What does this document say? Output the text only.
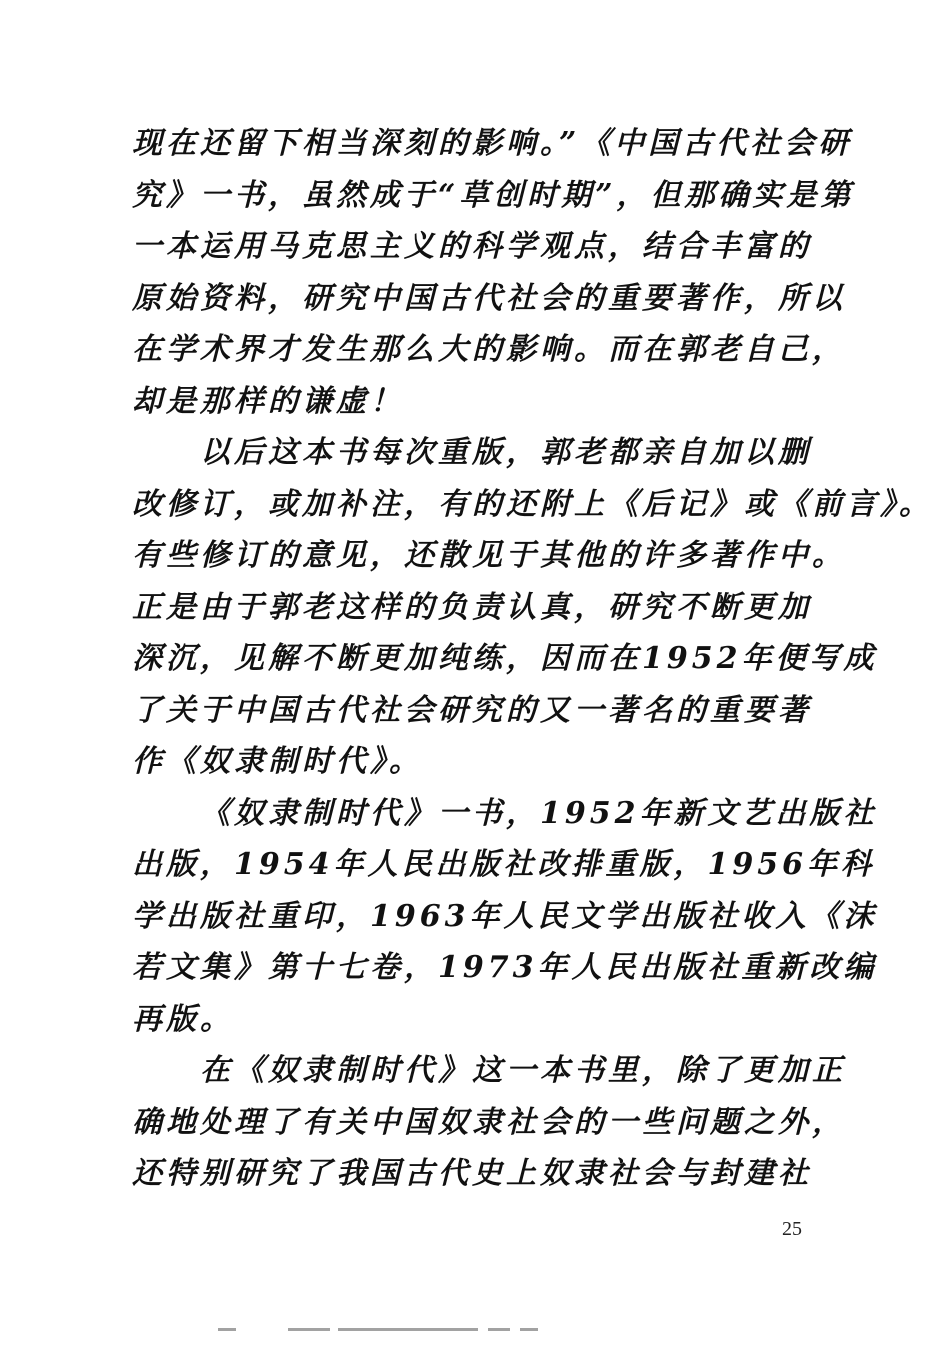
现在还留下相当深刻的影响。”《中国古代社会研
究》一书，虽然成于“草创时期”，但那确实是第
一本运用马克思主义的科学观点，结合丰富的
原始资料，研究中国古代社会的重要著作，所以
在学术界才发生那么大的影响。而在郭老自己，
却是那样的谦虚！
以后这本书每次重版，郭老都亲自加以删
改修订，或加补注，有的还附上《后记》或《前言》。
有些修订的意见，还散见于其他的许多著作中。
正是由于郭老这样的负责认真，研究不断更加
深沉，见解不断更加纯练，因而在1952年便写成
了关于中国古代社会研究的又一著名的重要著
作《奴隶制时代》。
《奴隶制时代》一书，1952年新文艺出版社
出版，1954年人民出版社改排重版，1956年科
学出版社重印，1963年人民文学出版社收入《沫
若文集》第十七卷，1973年人民出版社重新改编
再版。
在《奴隶制时代》这一本书里，除了更加正
确地处理了有关中国奴隶社会的一些问题之外，
还特别研究了我国古代史上奴隶社会与封建社
25
